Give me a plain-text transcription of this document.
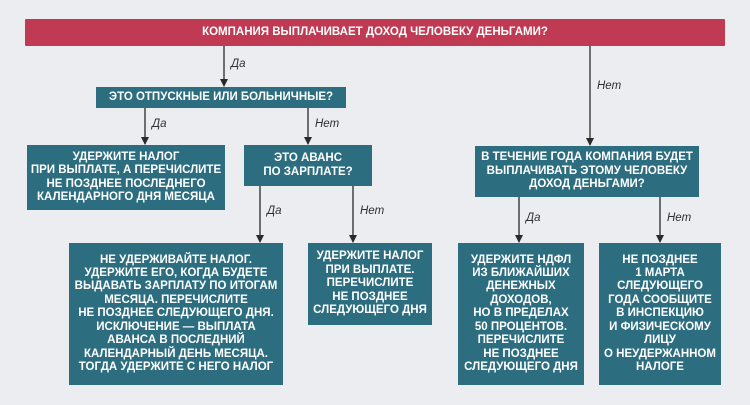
КОМПАНИЯ ВЫПЛАЧИВАЕТ ДОХОД ЧЕЛОВЕКУ ДЕНЬГАМИ?
ЭТО ОТПУСКНЫЕ ИЛИ БОЛЬНИЧНЫЕ?
УДЕРЖИТЕ НАЛОГ
ПРИ ВЫПЛАТЕ, А ПЕРЕЧИСЛИТЕ
НЕ ПОЗДНЕЕ ПОСЛЕДНЕГО
КАЛЕНДАРНОГО ДНЯ МЕСЯЦА
ЭТО АВАНС
ПО ЗАРПЛАТЕ?
НЕ УДЕРЖИВАЙТЕ НАЛОГ.
УДЕРЖИТЕ ЕГО, КОГДА БУДЕТЕ
ВЫДАВАТЬ ЗАРПЛАТУ ПО ИТОГАМ
МЕСЯЦА. ПЕРЕЧИСЛИТЕ
НЕ ПОЗДНЕЕ СЛЕДУЮЩЕГО ДНЯ.
ИСКЛЮЧЕНИЕ — ВЫПЛАТА
АВАНСА В ПОСЛЕДНИЙ
КАЛЕНДАРНЫЙ ДЕНЬ МЕСЯЦА.
ТОГДА УДЕРЖИТЕ С НЕГО НАЛОГ
УДЕРЖИТЕ НАЛОГ
ПРИ ВЫПЛАТЕ.
ПЕРЕЧИСЛИТЕ
НЕ ПОЗДНЕЕ
СЛЕДУЮЩЕГО ДНЯ
В ТЕЧЕНИЕ ГОДА КОМПАНИЯ БУДЕТ
ВЫПЛАЧИВАТЬ ЭТОМУ ЧЕЛОВЕКУ
ДОХОД ДЕНЬГАМИ?
УДЕРЖИТЕ НДФЛ
ИЗ БЛИЖАЙШИХ
ДЕНЕЖНЫХ
ДОХОДОВ,
НО В ПРЕДЕЛАХ
50 ПРОЦЕНТОВ.
ПЕРЕЧИСЛИТЕ
НЕ ПОЗДНЕЕ
СЛЕДУЮЩЕГО ДНЯ
НЕ ПОЗДНЕЕ
1 МАРТА
СЛЕДУЮЩЕГО
ГОДА СООБЩИТЕ
В ИНСПЕКЦИЮ
И ФИЗИЧЕСКОМУ
ЛИЦУ
О НЕУДЕРЖАННОМ
НАЛОГЕ
Да
Нет
Да	Нет
Да	Нет
Да	Нет
